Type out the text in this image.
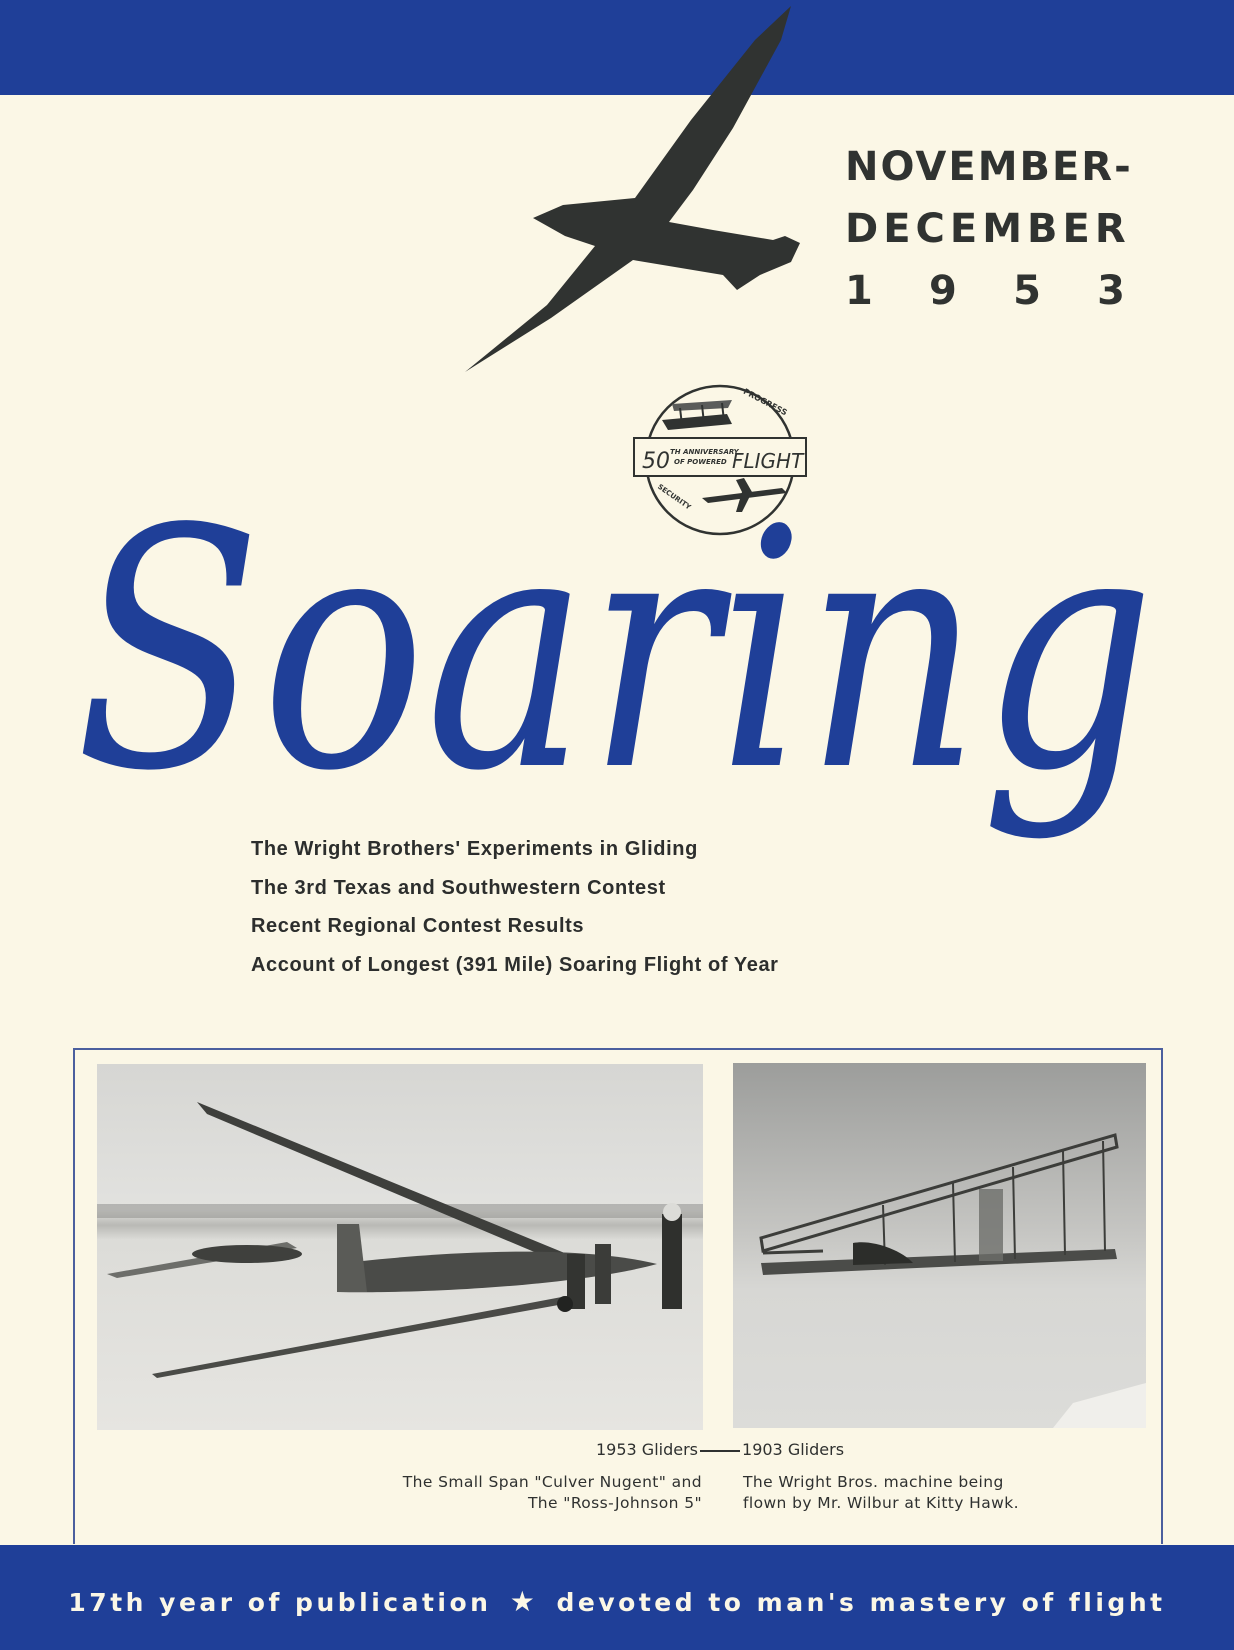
NOVEMBER-
DECEMBER
1 9 5 3
50 TH ANNIVERSARY
OF POWERED FLIGHT
PROGRESS
SECURITY
Soaring
The Wright Brothers' Experiments in Gliding
The 3rd Texas and Southwestern Contest
Recent Regional Contest Results
Account of Longest (391 Mile) Soaring Flight of Year
1953 Gliders	1903 Gliders
The Small Span "Culver Nugent" and
The "Ross-Johnson 5"
The Wright Bros. machine being
flown by Mr. Wilbur at Kitty Hawk.
17th year of publication ★ devoted to man's mastery of flight
